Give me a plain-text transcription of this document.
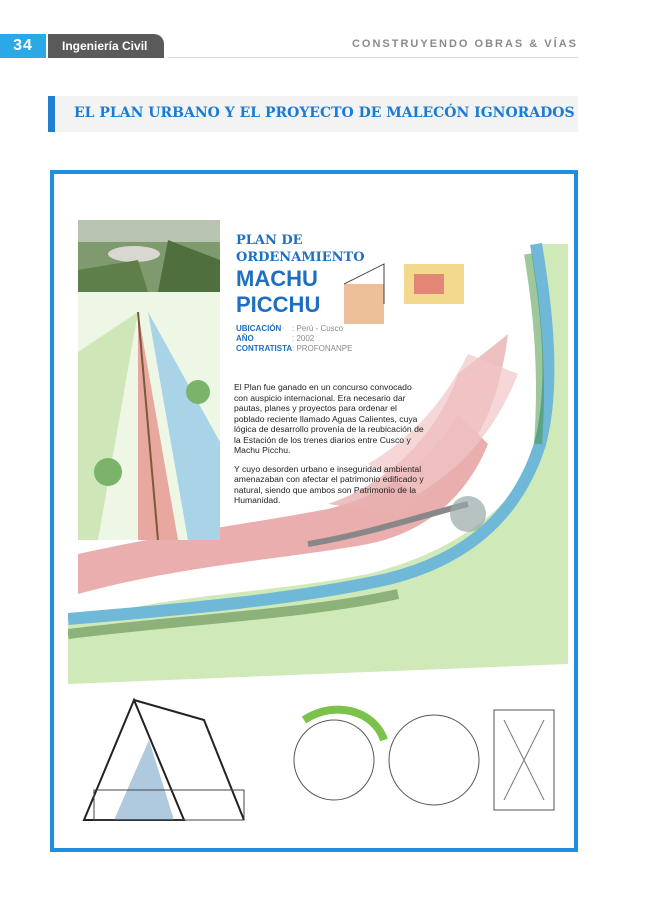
34	Ingeniería Civil	CONSTRUYENDO OBRAS & VÍAS
EL PLAN URBANO Y EL PROYECTO DE MALECÓN IGNORADOS
PLAN DE ORDENAMIENTO
MACHU PICCHU
UBICACIÓN	: Perú - Cusco
AÑO	: 2002
CONTRATISTA : PROFONANPE

El Plan fue ganado en un concurso convocado con auspicio internacional. Era necesario dar pautas, planes y proyectos para ordenar el poblado reciente llamado Aguas Calientes, cuya lógica de desarrollo provenía de la reubicación de la Estación de los trenes diarios entre Cusco y Machu Picchu.

Y cuyo desorden urbano e inseguridad ambiental amenazaban con afectar el patrimonio edificado y natural, siendo que ambos son Patrimonio de la Humanidad.
